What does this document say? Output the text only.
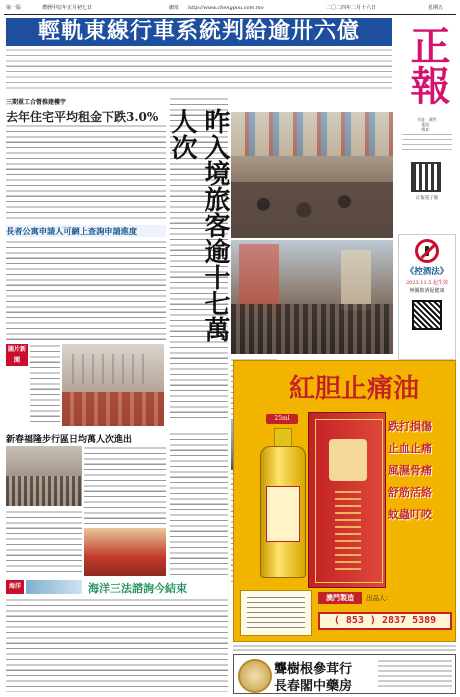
第一版	農曆甲辰年正月初七日	網址 http://www.chengpou.com.mo	二〇二四年二月十六日	星期五
輕軌東線行車系統判給逾卅六億	正報
社址：澳門
電話：
傳真：
正報電子版
三期重工合營推建樓宇
去年住宅平均租金下跌3.0%
長者公寓申請人可網上查詢申請進度
圖片新聞
新春福隆步行區日均萬人次進出
海洋	海洋三法諮詢今結束
昨入境旅客逾十七萬人次
《控酒法》
2023.11.5 起生效
無擾飲酒促健康
紅胆止痛油
25ml
跌打損傷
止血止痛
風濕骨痛
舒筋活絡
蚊蟲叮咬
澳門製造	出品人：
( 853 ) 2837 5389
聾樹根參茸行
長春閣中藥房
